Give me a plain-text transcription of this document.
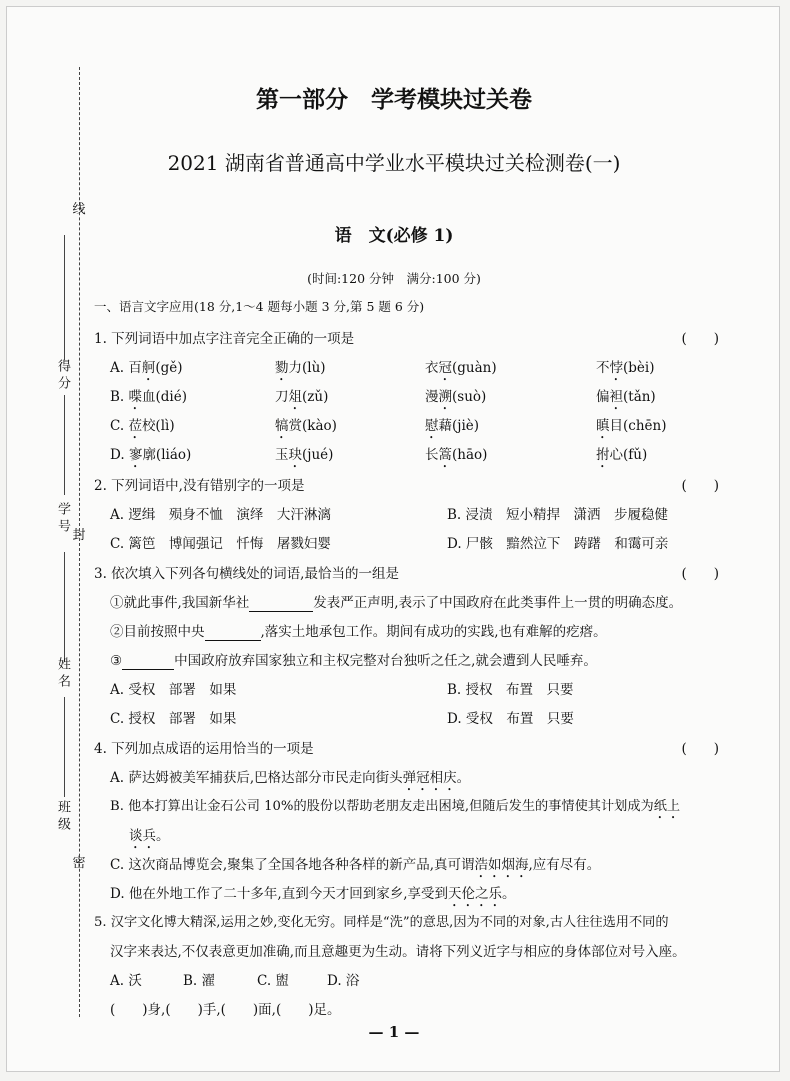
线
得分
封
学号
姓名
班级
密
第一部分　学考模块过关卷
2021 湖南省普通高中学业水平模块过关检测卷(一)
语　文(必修 1)
(时间:120 分钟　满分:100 分)
一、语言文字应用(18 分,1～4 题每小题 3 分,第 5 题 6 分)
1. 下列词语中加点字注音完全正确的一项是	(　　)
A. 百舸(gě)	勠力(lù)	衣冠(guàn)	不悖(bèi)
B. 喋血(dié)	刀俎(zǔ)	漫溯(suò)	偏袒(tǎn)
C. 莅校(lì)	犒赏(kào)	慰藉(jiè)	瞋目(chēn)
D. 寥廓(liáo)	玉玦(jué)	长篙(hāo)	拊心(fǔ)
2. 下列词语中,没有错别字的一项是	(　　)
A. 逻缉　殒身不恤　演绎　大汗淋漓	B. 浸渍　短小精捍　潇洒　步履稳健
C. 篱笆　博闻强记　忏悔　屠戮妇婴	D. 尸骸　黯然泣下　踌躇　和霭可亲
3. 依次填入下列各句横线处的词语,最恰当的一组是	(　　)
①就此事件,我国新华社	发表严正声明,表示了中国政府在此类事件上一贯的明确态度。
②目前按照中央	,落实土地承包工作。期间有成功的实践,也有难解的疙瘩。
③	中国政府放弃国家独立和主权完整对台独听之任之,就会遭到人民唾弃。
A. 受权　部署　如果	B. 授权　布置　只要
C. 授权　部署　如果	D. 受权　布置　只要
4. 下列加点成语的运用恰当的一项是	(　　)
A. 萨达姆被美军捕获后,巴格达部分市民走向街头弹冠相庆。
B. 他本打算出让金石公司 10%的股份以帮助老朋友走出困境,但随后发生的事情使其计划成为纸上
谈兵。
C. 这次商品博览会,聚集了全国各地各种各样的新产品,真可谓浩如烟海,应有尽有。
D. 他在外地工作了二十多年,直到今天才回到家乡,享受到天伦之乐。
5. 汉字文化博大精深,运用之妙,变化无穷。同样是“洗”的意思,因为不同的对象,古人往往选用不同的
汉字来表达,不仅表意更加准确,而且意趣更为生动。请将下列义近字与相应的身体部位对号入座。
A. 沃	B. 濯	C. 盥	D. 浴
(　　)身,(　　)手,(　　)面,(　　)足。
— 1 —
